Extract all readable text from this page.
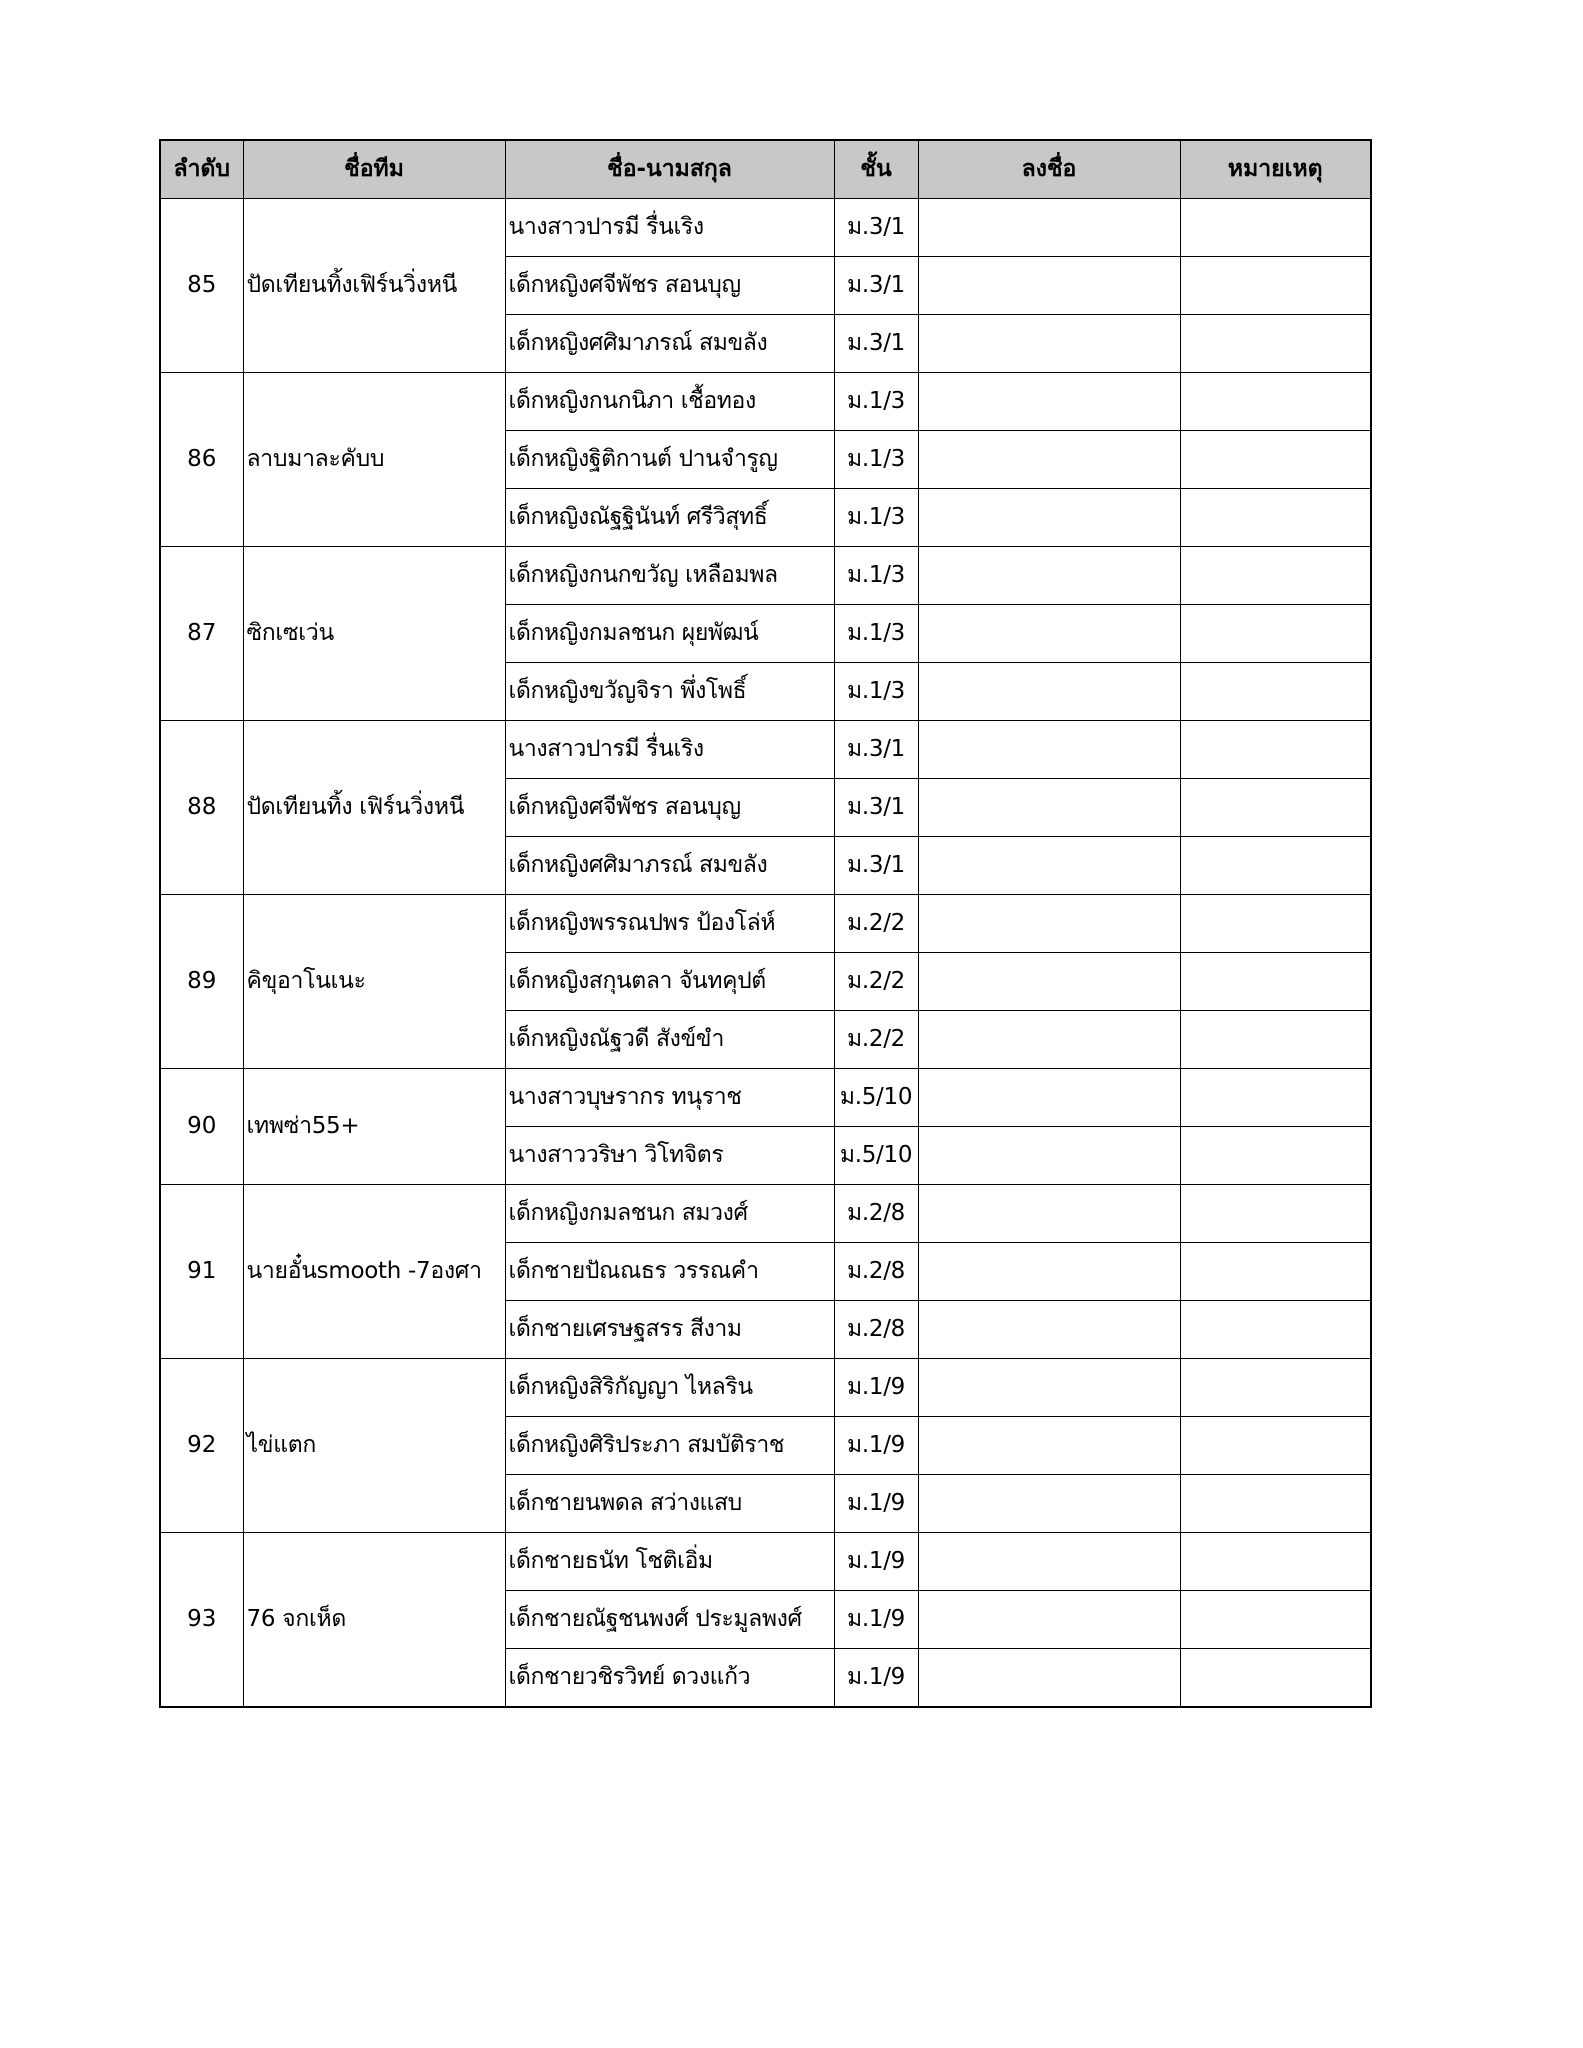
ลำดับ	ชื่อทีม	ชื่อ-นามสกุล	ชั้น	ลงชื่อ	หมายเหตุ
85	ปัดเทียนทิ้งเฟิร์นวิ่งหนี	นางสาวปารมี รื่นเริง	ม.3/1		
		เด็กหญิงศจีพัชร สอนบุญ	ม.3/1		
		เด็กหญิงศศิมาภรณ์ สมขลัง	ม.3/1		
86	ลาบมาละคับบ	เด็กหญิงกนกนิภา เชื้อทอง	ม.1/3		
		เด็กหญิงฐิติกานต์ ปานจำรูญ	ม.1/3		
		เด็กหญิงณัฐฐินันท์ ศรีวิสุทธิ์	ม.1/3		
87	ซิกเซเว่น	เด็กหญิงกนกขวัญ เหลือมพล	ม.1/3		
		เด็กหญิงกมลชนก ผุยพัฒน์	ม.1/3		
		เด็กหญิงขวัญจิรา พึ่งโพธิ์	ม.1/3		
88	ปัดเทียนทิ้ง เฟิร์นวิ่งหนี	นางสาวปารมี รื่นเริง	ม.3/1		
		เด็กหญิงศจีพัชร สอนบุญ	ม.3/1		
		เด็กหญิงศศิมาภรณ์ สมขลัง	ม.3/1		
89	คิขุอาโนเนะ	เด็กหญิงพรรณปพร ป้องโล่ห์	ม.2/2		
		เด็กหญิงสกุนตลา จันทคุปต์	ม.2/2		
		เด็กหญิงณัฐวดี สังข์ขำ	ม.2/2		
90	เทพซ่า55+	นางสาวบุษรากร ทนุราช	ม.5/10		
		นางสาววริษา วิโทจิตร	ม.5/10		
91	นายอั๋นsmooth -7องศา	เด็กหญิงกมลชนก สมวงศ์	ม.2/8		
		เด็กชายปัณณธร วรรณคำ	ม.2/8		
		เด็กชายเศรษฐสรร สีงาม	ม.2/8		
92	ไข่แตก	เด็กหญิงสิริกัญญา ไหลริน	ม.1/9		
		เด็กหญิงศิริประภา สมบัติราช	ม.1/9		
		เด็กชายนพดล สว่างแสบ	ม.1/9		
93	76 จกเห็ด	เด็กชายธนัท โชติเอิ่ม	ม.1/9		
		เด็กชายณัฐชนพงศ์ ประมูลพงศ์	ม.1/9		
		เด็กชายวชิรวิทย์ ดวงแก้ว	ม.1/9		
